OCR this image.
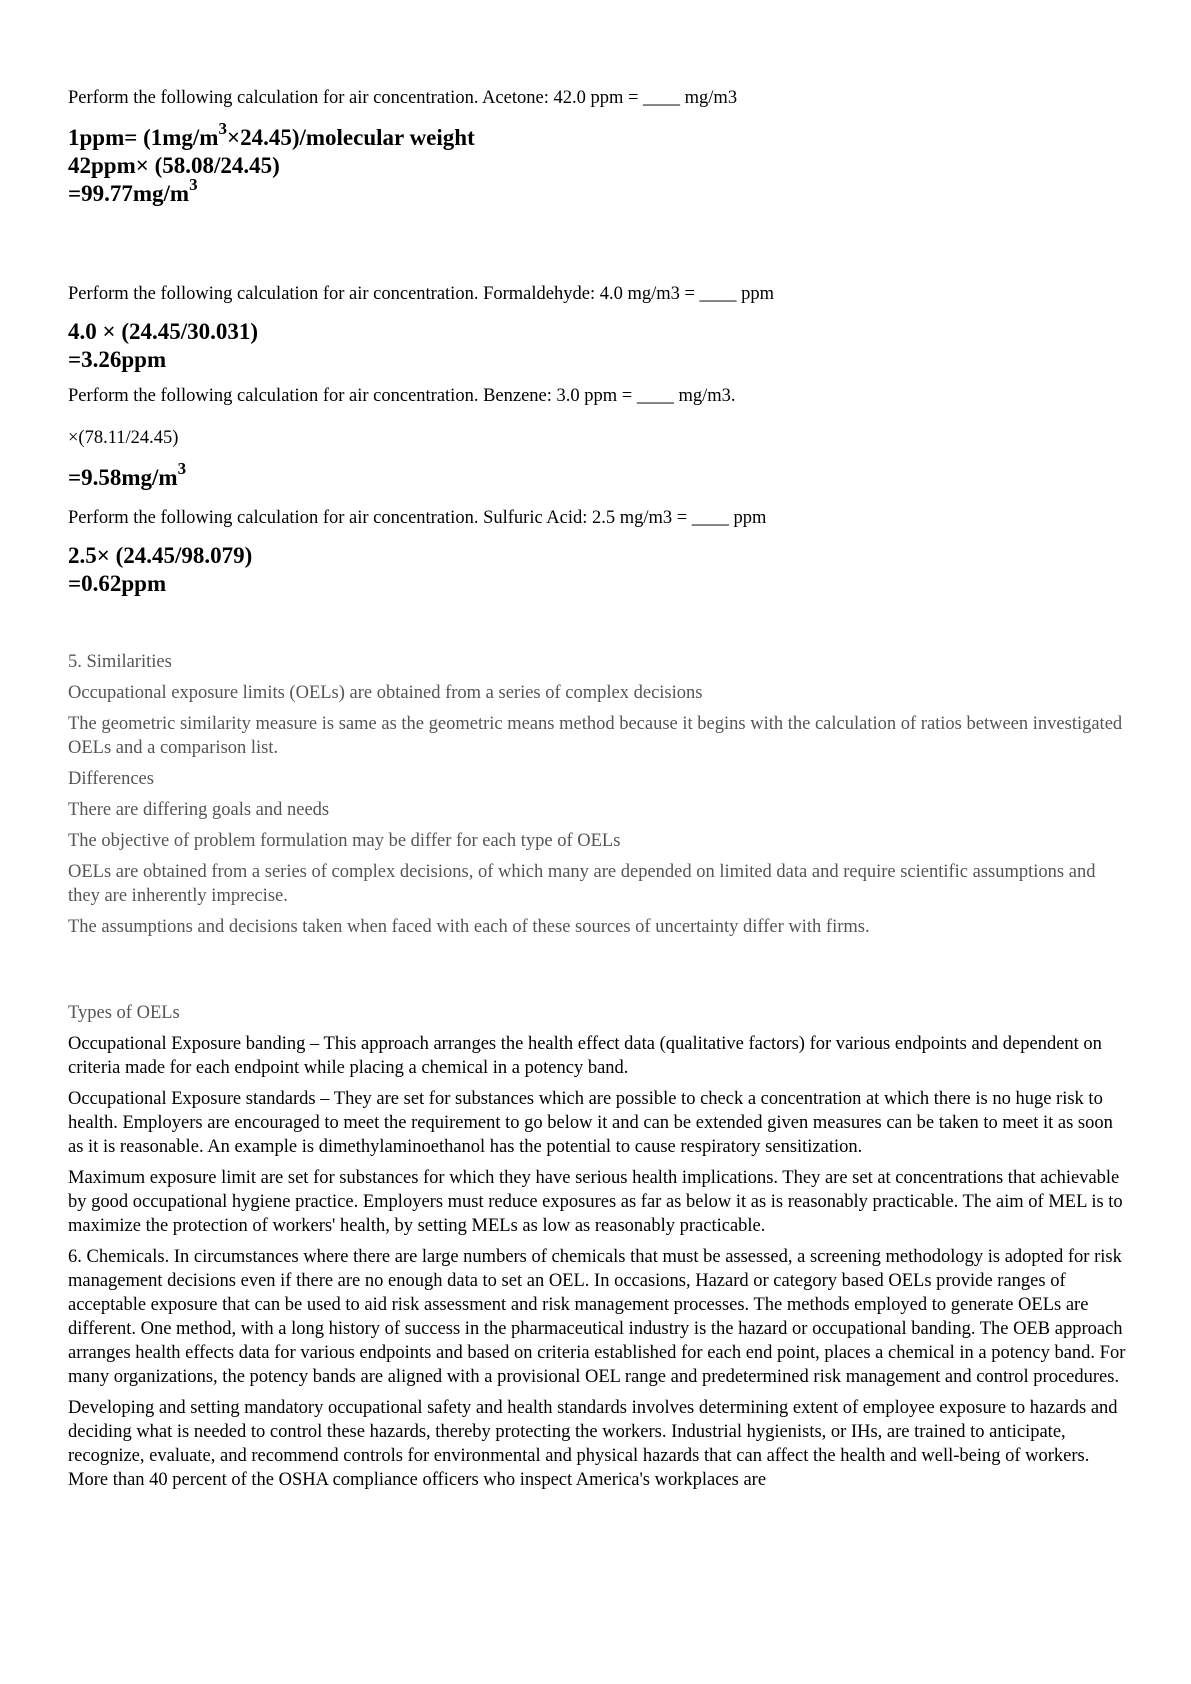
Perform the following calculation for air concentration. Acetone: 42.0 ppm = ____ mg/m3

$1ppm= (1mg/m^3\times 24.45)$/molecular weight

42ppm× (58.08/24.45)

$=99.77mg/m^3$

Perform the following calculation for air concentration. Formaldehyde: 4.0 mg/m3 = ____ ppm

4.0 × (24.45/30.031)

=3.26ppm

Perform the following calculation for air concentration. Benzene: 3.0 ppm = ____ mg/m3.

×(78.11/24.45)

$=9.58mg/m^3$

Perform the following calculation for air concentration. Sulfuric Acid: 2.5 mg/m3 = ____ ppm

2.5× (24.45/98.079)

=0.62ppm

5. Similarities

Occupational exposure limits (OELs) are obtained from a series of complex decisions

The geometric similarity measure is same as the geometric means method because it begins with the calculation of ratios between investigated OELs and a comparison list.

Differences

There are differing goals and needs

The objective of problem formulation may be differ for each type of OELs

OELs are obtained from a series of complex decisions, of which many are depended on limited data and require scientific assumptions and they are inherently imprecise.

The assumptions and decisions taken when faced with each of these sources of uncertainty differ with firms.

Types of OELs

Occupational Exposure banding – This approach arranges the health effect data (qualitative factors) for various endpoints and dependent on criteria made for each endpoint while placing a chemical in a potency band.

Occupational Exposure standards – They are set for substances which are possible to check a concentration at which there is no huge risk to health. Employers are encouraged to meet the requirement to go below it and can be extended given measures can be taken to meet it as soon as it is reasonable. An example is dimethylaminoethanol has the potential to cause respiratory sensitization.

Maximum exposure limit are set for substances for which they have serious health implications. They are set at concentrations that achievable by good occupational hygiene practice. Employers must reduce exposures as far as below it as is reasonably practicable. The aim of MEL is to maximize the protection of workers' health, by setting MELs as low as reasonably practicable.

6. Chemicals. In circumstances where there are large numbers of chemicals that must be assessed, a screening methodology is adopted for risk management decisions even if there are no enough data to set an OEL. In occasions, Hazard or category based OELs provide ranges of acceptable exposure that can be used to aid risk assessment and risk management processes. The methods employed to generate OELs are different. One method, with a long history of success in the pharmaceutical industry is the hazard or occupational banding. The OEB approach arranges health effects data for various endpoints and based on criteria established for each end point, places a chemical in a potency band. For many organizations, the potency bands are aligned with a provisional OEL range and predetermined risk management and control procedures.

Developing and setting mandatory occupational safety and health standards involves determining extent of employee exposure to hazards and deciding what is needed to control these hazards, thereby protecting the workers. Industrial hygienists, or IHs, are trained to anticipate, recognize, evaluate, and recommend controls for environmental and physical hazards that can affect the health and well-being of workers. More than 40 percent of the OSHA compliance officers who inspect America's workplaces are
